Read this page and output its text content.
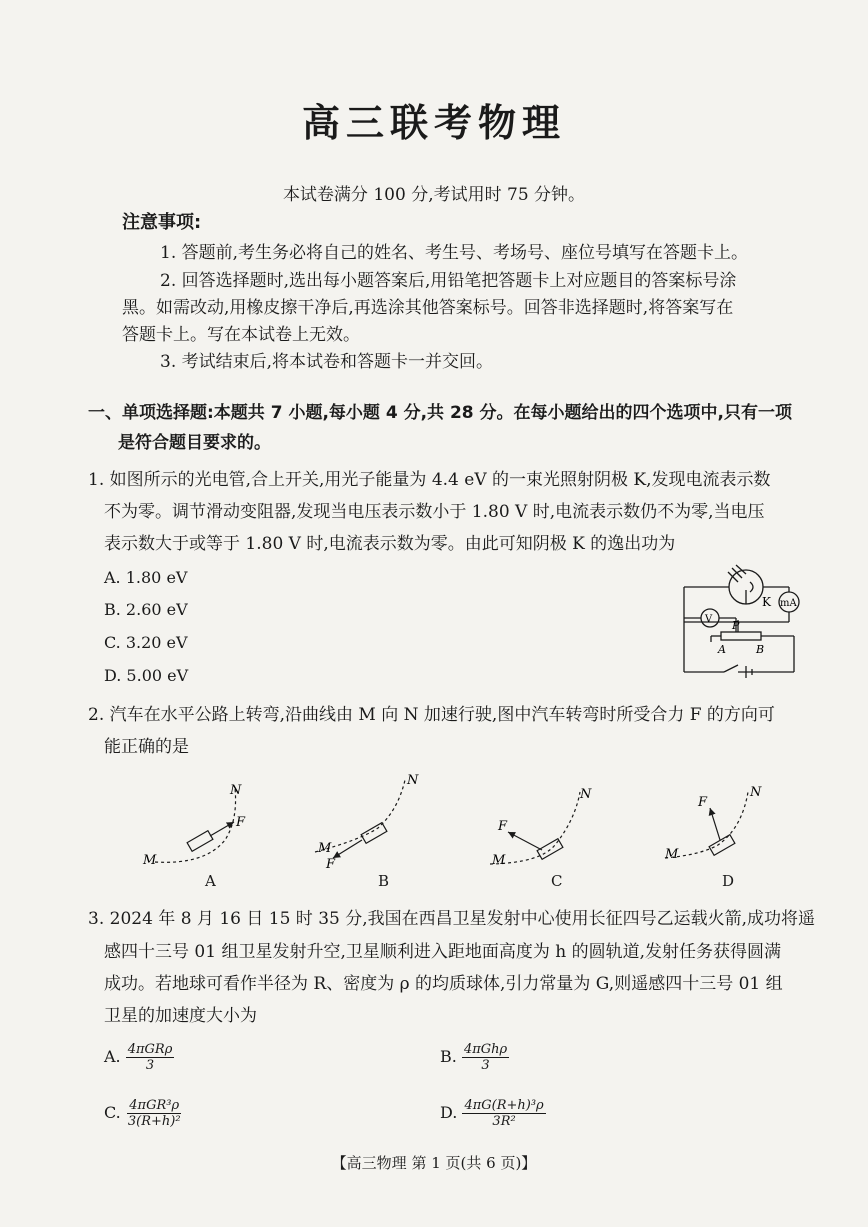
高三联考物理
本试卷满分 100 分,考试用时 75 分钟。
注意事项:
1. 答题前,考生务必将自己的姓名、考生号、考场号、座位号填写在答题卡上。
2. 回答选择题时,选出每小题答案后,用铅笔把答题卡上对应题目的答案标号涂
黑。如需改动,用橡皮擦干净后,再选涂其他答案标号。回答非选择题时,将答案写在
答题卡上。写在本试卷上无效。
3. 考试结束后,将本试卷和答题卡一并交回。
一、单项选择题:本题共 7 小题,每小题 4 分,共 28 分。在每小题给出的四个选项中,只有一项
是符合题目要求的。
1. 如图所示的光电管,合上开关,用光子能量为 4.4 eV 的一束光照射阴极 K,发现电流表示数
不为零。调节滑动变阻器,发现当电压表示数小于 1.80 V 时,电流表示数仍不为零,当电压
表示数大于或等于 1.80 V 时,电流表示数为零。由此可知阴极 K 的逸出功为
A. 1.80 eV
B. 2.60 eV
C. 3.20 eV
D. 5.00 eV
K mA
V P
A	B
2. 汽车在水平公路上转弯,沿曲线由 M 向 N 加速行驶,图中汽车转弯时所受合力 F 的方向可
能正确的是
M
N
F
M
N
F	M
N
F
M
N
F
A	B	C	D
3. 2024 年 8 月 16 日 15 时 35 分,我国在西昌卫星发射中心使用长征四号乙运载火箭,成功将遥
感四十三号 01 组卫星发射升空,卫星顺利进入距地面高度为 h 的圆轨道,发射任务获得圆满
成功。若地球可看作半径为 R、密度为 ρ 的均质球体,引力常量为 G,则遥感四十三号 01 组
卫星的加速度大小为
A. $\frac{\text{4πGRρ}}{3}$	B. $\frac{\text{4πGhρ}}{3}$
C. $\frac{\text{4πGR³ρ}}{\text{3(R+h)²}}$	D. $\frac{\text{4πG(R+h)³ρ}}{\text{3R²}}$
【高三物理 第 1 页(共 6 页)】
